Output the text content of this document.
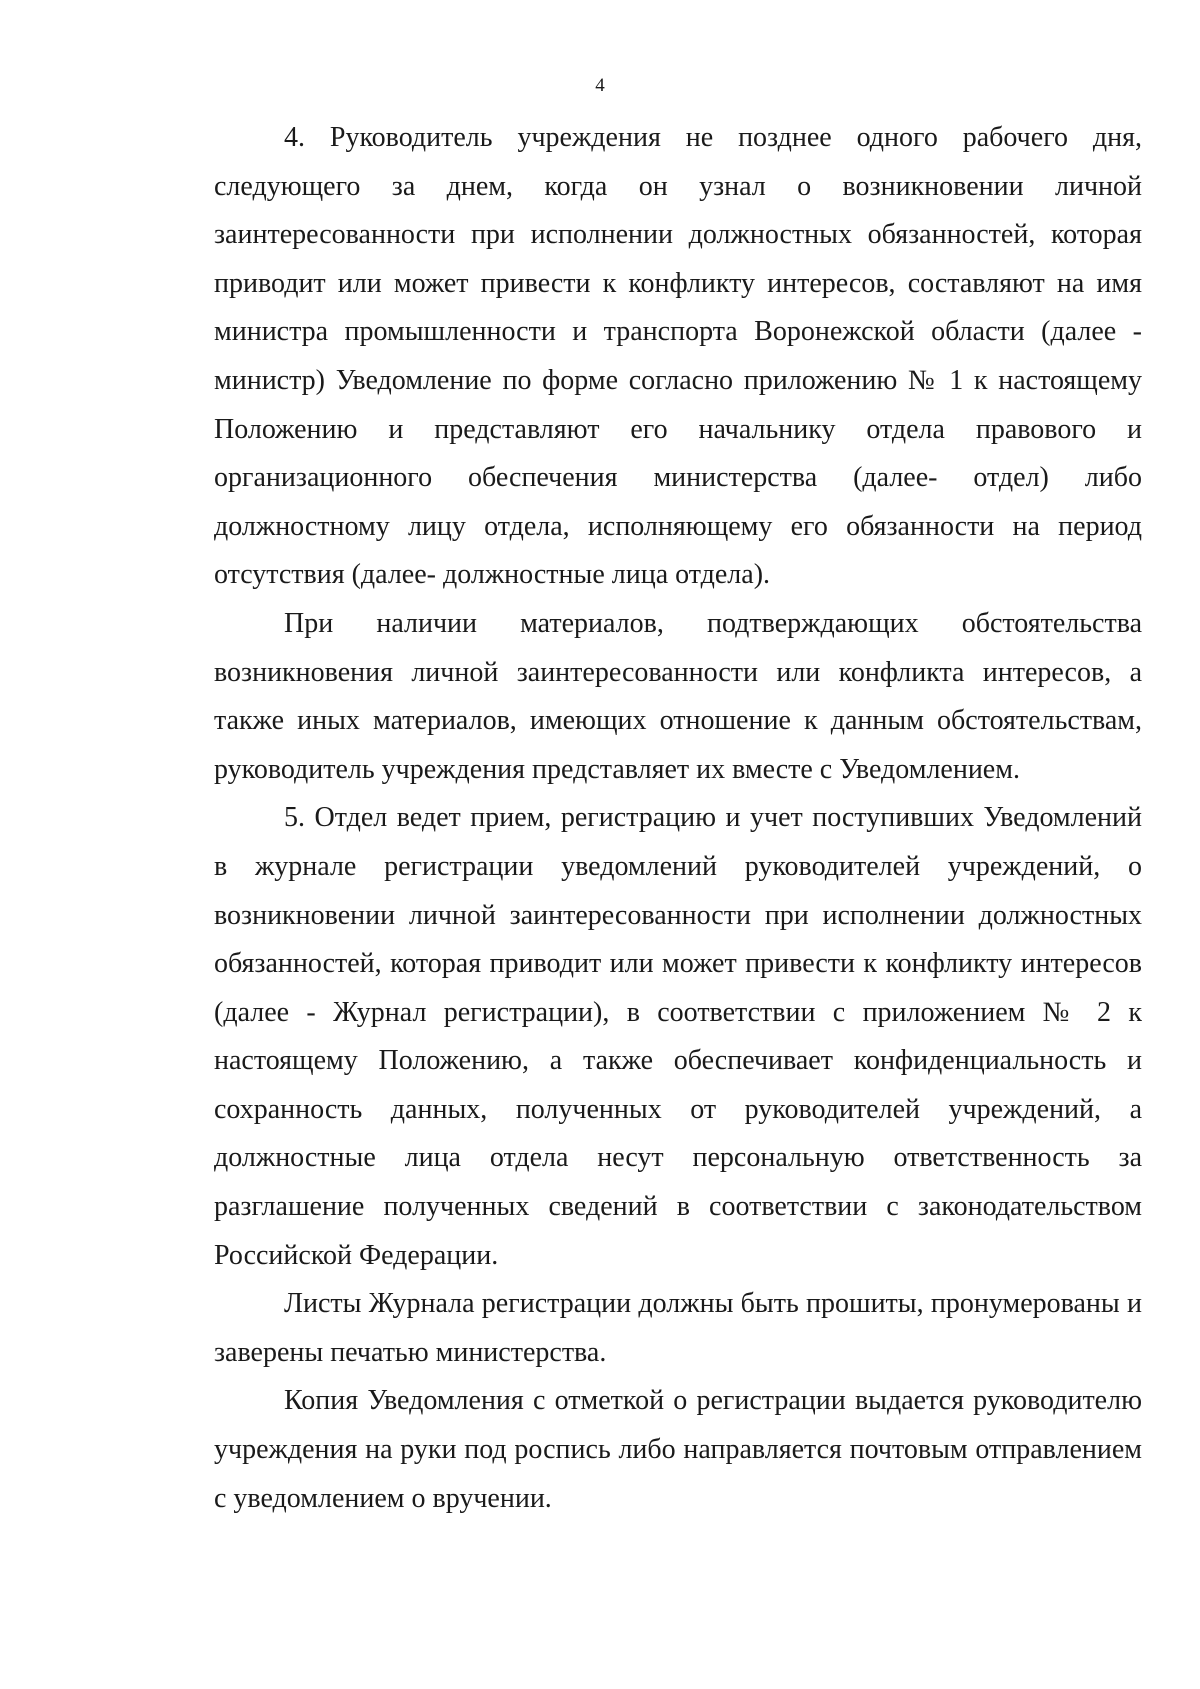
4

4. Руководитель учреждения не позднее одного рабочего дня, следующего за днем, когда он узнал о возникновении личной заинтересованности при исполнении должностных обязанностей, которая приводит или может привести к конфликту интересов, составляют на имя министра промышленности и транспорта Воронежской области (далее - министр) Уведомление по форме согласно приложению № 1 к настоящему Положению и представляют его начальнику отдела правового и организационного обеспечения министерства (далее- отдел) либо должностному лицу отдела, исполняющему его обязанности на период отсутствия (далее- должностные лица отдела).

При наличии материалов, подтверждающих обстоятельства возникновения личной заинтересованности или конфликта интересов, а также иных материалов, имеющих отношение к данным обстоятельствам, руководитель учреждения представляет их вместе с Уведомлением.

5. Отдел ведет прием, регистрацию и учет поступивших Уведомлений в журнале регистрации уведомлений руководителей учреждений, о возникновении личной заинтересованности при исполнении должностных обязанностей, которая приводит или может привести к конфликту интересов (далее - Журнал регистрации), в соответствии с приложением № 2 к настоящему Положению, а также обеспечивает конфиденциальность и сохранность данных, полученных от руководителей учреждений, а должностные лица отдела несут персональную ответственность за разглашение полученных сведений в соответствии с законодательством Российской Федерации.

Листы Журнала регистрации должны быть прошиты, пронумерованы и заверены печатью министерства.

Копия Уведомления с отметкой о регистрации выдается руководителю учреждения на руки под роспись либо направляется почтовым отправлением с уведомлением о вручении.
